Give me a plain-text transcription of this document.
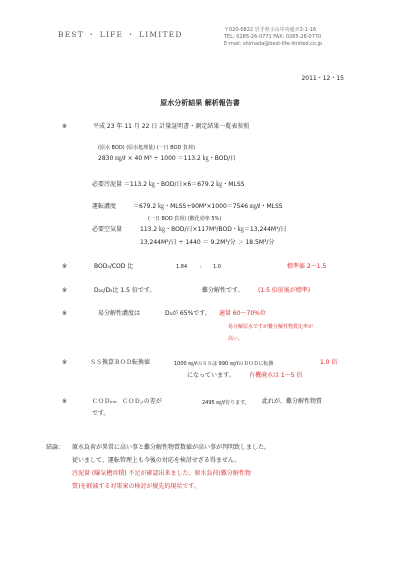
BEST ・ LIFE ・ LIMITED	〒020-0822 岩手県小山中央通ガ2-1-16
TEL: 0285-26-0771 FAX: 0285-28-0770
E-mail: shimada@best-life-limited.co.jp
2011・12・15
原水分析結果 解析報告書
※	平成 23 年 11 月 22 日 計量証明書・測定結果一覧表参照
(原水 BOD) (原水処理量) (一日 BOD 負荷)
2830 ㎎/ℓ × 40 M³ ÷ 1000 ＝113.2 ㎏・BOD/日
必要汚泥量 ＝113.2 ㎏・BOD/日×6＝679.2 ㎏・MLSS
運転濃度	＝679.2 ㎏・MLSS÷90M³×1000＝7546 ㎎/ℓ・MLSS
(一日 BOD 負荷) (酸化効率 5%)
必要空気量	113.2 ㎏・BOD/日×117M³/BOD・㎏＝13,244M³/日
13,244M³/日 ÷ 1440 ＝ 9.2M³/分 ＞ 18.5M³/分
※	BOD₅/COD 比	1.84	: 1.0	標準値 2～1.5
※	D₂₀/D₅比 1.5 倍です。	難分解性です。 (1.5 倍前後が標準)
※	易分解性濃度は	D₅が 65%です。 適量 60～70%位
易分解原水ですが難分解性物質比率が
高い。
※	ＳＳ換算ＢＯＤ転換値	1000 ㎎/ℓのＳＳは 990 ㎎/ℓのＢＯＤに転換	1.0 倍
になっています。 有機廃水は 1～5 倍
※	ＣＯＤₘₙ．ＣＯＤ꜀ᵣの差が	2495 ㎎/ℓ有ります。 此れが、難分解性物質
です。
結論： 原水負荷が異常に高い事と難分解性物質数値が高い事が判明致しました。
従いまして、運転管理上も今後の対応を検討せざる得ません。
汚泥量 (曝気槽容積) 不足が確認出来ました。原水負荷(難分解性物
質)を軽減する対策案の検討が優先的現状です。
